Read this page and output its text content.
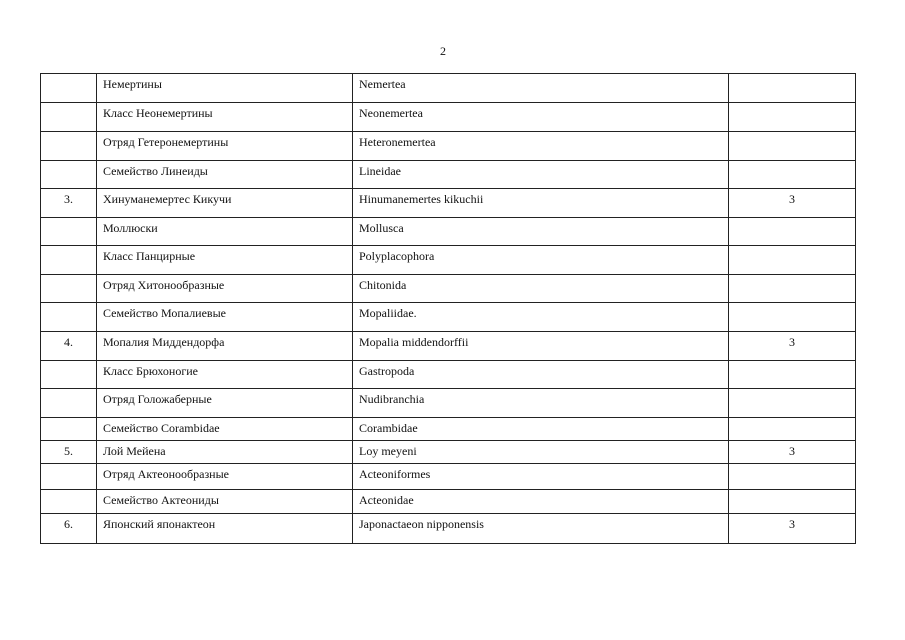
2

	Немертины	Nemertea	

	Класс Неонемертины	Neonemertea	

	Отряд Гетеронемертины	Heteronemertea	

	Семейство Линеиды	Lineidae	

3.	Хинуманемертес Кикучи	Hinumanemertes kikuchii	3

	Моллюски	Mollusca	

	Класс Панцирные	Polyplacophora	

	Отряд Хитонообразные	Chitonida	

	Семейство Мопалиевые	Mopaliidae.	

4.	Мопалия Миддендорфа	Mopalia middendorffii	3

	Класс Брюхоногие	Gastropoda	

	Отряд Голожаберные	Nudibranchia	

	Семейство Corambidae	Corambidae	

5.	Лой Мейена	Loy meyeni	3

	Отряд Актеонообразные	Acteoniformes	

	Семейство Актеониды	Acteonidae	

6.	Японский японактеон	Japonactaeon nipponensis	3
